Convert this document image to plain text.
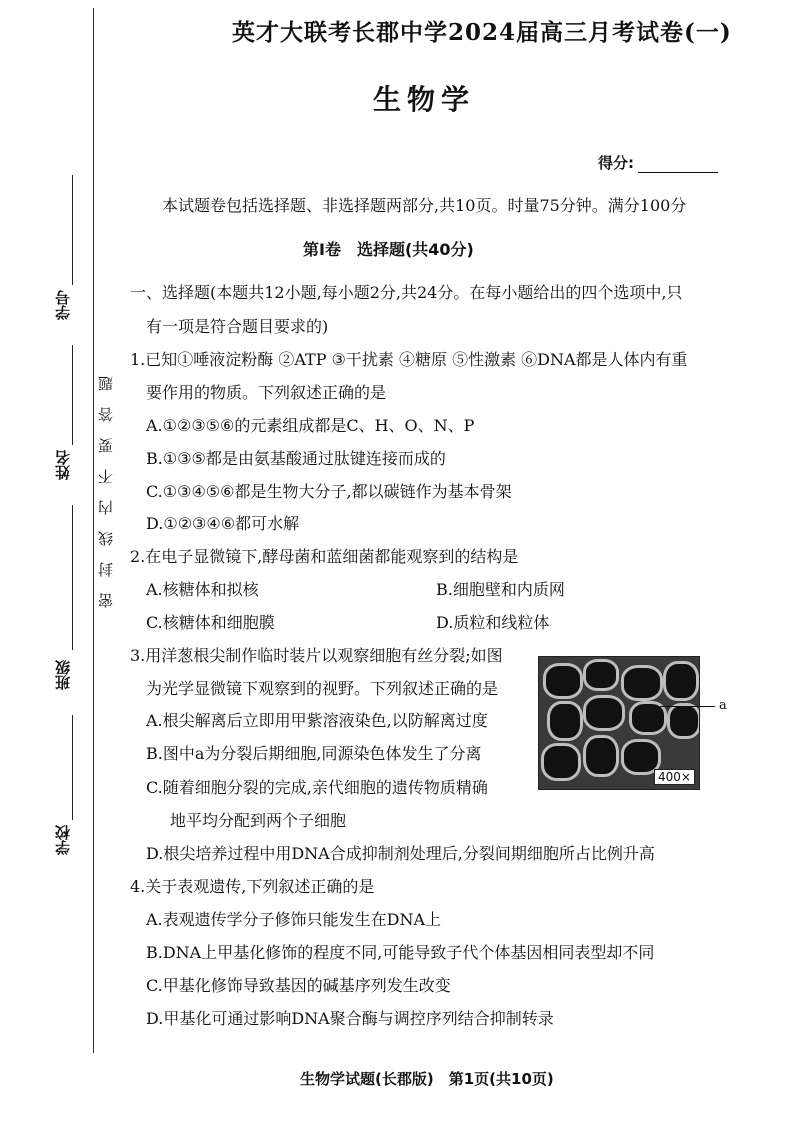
学号
姓名
班级
学校
密封线内不要答题
英才大联考长郡中学2024届高三月考试卷(一)
生物学
得分:
本试题卷包括选择题、非选择题两部分,共10页。时量75分钟。满分100分
第Ⅰ卷　选择题(共40分)
一、选择题(本题共12小题,每小题2分,共24分。在每小题给出的四个选项中,只
有一项是符合题目要求的)
1.已知①唾液淀粉酶 ②ATP ③干扰素 ④糖原 ⑤性激素 ⑥DNA都是人体内有重
要作用的物质。下列叙述正确的是
A.①②③⑤⑥的元素组成都是C、H、O、N、P
B.①③⑤都是由氨基酸通过肽键连接而成的
C.①③④⑤⑥都是生物大分子,都以碳链作为基本骨架
D.①②③④⑥都可水解
2.在电子显微镜下,酵母菌和蓝细菌都能观察到的结构是
A.核糖体和拟核	B.细胞壁和内质网
C.核糖体和细胞膜	D.质粒和线粒体
3.用洋葱根尖制作临时装片以观察细胞有丝分裂;如图
为光学显微镜下观察到的视野。下列叙述正确的是
A.根尖解离后立即用甲紫溶液染色,以防解离过度
B.图中a为分裂后期细胞,同源染色体发生了分离
C.随着细胞分裂的完成,亲代细胞的遗传物质精确
地平均分配到两个子细胞
D.根尖培养过程中用DNA合成抑制剂处理后,分裂间期细胞所占比例升高
400×
a
4.关于表观遗传,下列叙述正确的是
A.表观遗传学分子修饰只能发生在DNA上
B.DNA上甲基化修饰的程度不同,可能导致子代个体基因相同表型却不同
C.甲基化修饰导致基因的碱基序列发生改变
D.甲基化可通过影响DNA聚合酶与调控序列结合抑制转录
生物学试题(长郡版)　第1页(共10页)
